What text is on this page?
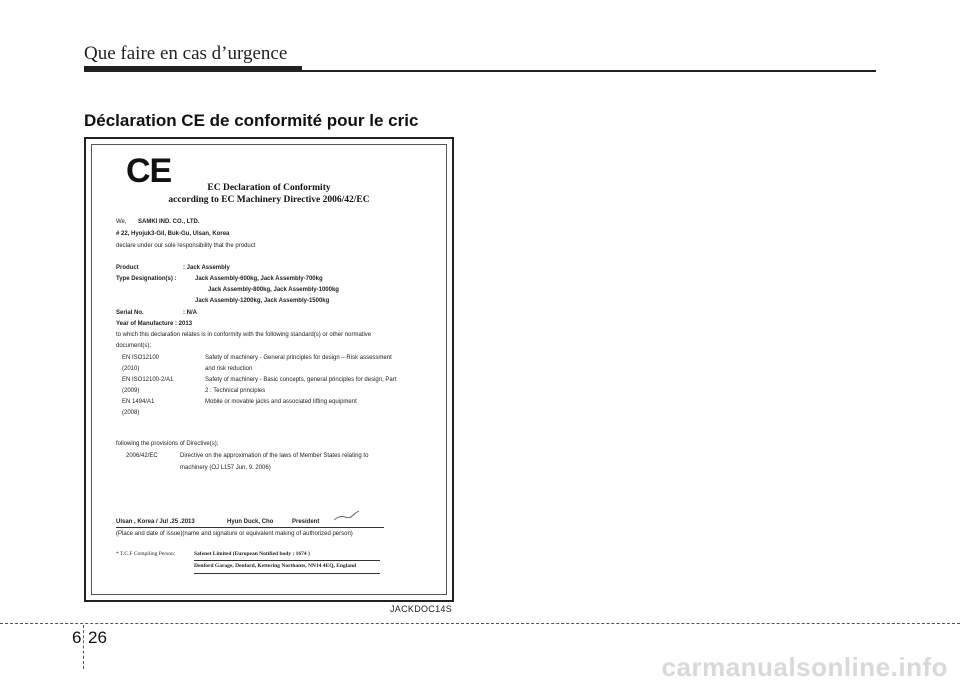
Que faire en cas d’urgence
Déclaration CE de conformité pour le cric
CE	EC Declaration of Conformity
according to EC Machinery Directive 2006/42/EC
We, SAMKI IND. CO., LTD.
# 22, Hyojuk3-Gil, Buk-Gu, Ulsan, Korea
declare under our sole responsibility that the product
Product	: Jack Assembly
Type Designation(s) :	Jack Assembly-600kg, Jack Assembly-700kg
Jack Assembly-800kg, Jack Assembly-1000kg
Jack Assembly-1200kg, Jack Assembly-1500kg
Serial No.	: N/A
Year of Manufacture : 2013
to which this declaration relates is in conformity with the following standard(s) or other normative
document(s);
EN ISO12100	Safety of machinery - General principles for design – Risk assessment
(2010)	and risk reduction
EN ISO12100-2/A1	Safety of machinery - Basic concepts, general principles for design, Part
(2009)	2 : Technical principles
EN 1494/A1	Mobile or movable jacks and associated lifting equipment
(2008)
following the provisions of Directive(s);
2006/42/EC	Directive on the approximation of the laws of Member States relating to
machinery (OJ L157 Jun, 9. 2006)
Ulsan , Korea / Jul .25 .2013	Hyun Duck, Cho	President
(Place and date of issue)(name and signature or equivalent making of authorized person)
* T.C.F Compiling Person:	Safenet Limited (European Notified body : 1674 )
Denford Garage, Denford, Kettering Northants, NN14 4EQ, England
JACKDOC14S
6 26
carmanualsonline.info
